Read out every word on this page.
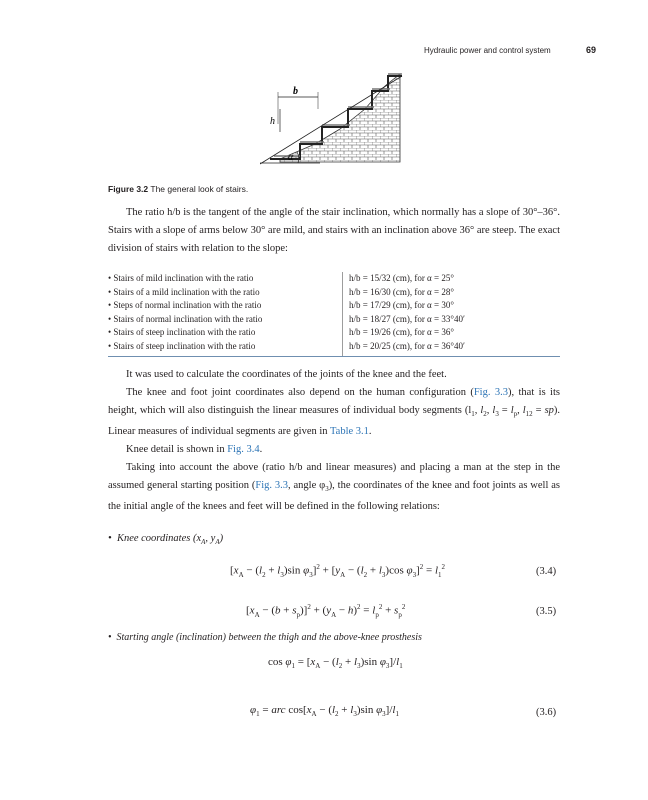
Hydraulic power and control system	69
b
h
α
Figure 3.2 The general look of stairs.

The ratio h/b is the tangent of the angle of the stair inclination, which normally has a slope of 30°–36°. Stairs with a slope of arms below 30° are mild, and stairs with an inclination above 36° are steep. The exact division of stairs with relation to the slope:

• Stairs of mild inclination with the ratio	h/b = 15/32 (cm), for α = 25°
• Stairs of a mild inclination with the ratio	h/b = 16/30 (cm), for α = 28°
• Steps of normal inclination with the ratio	h/b = 17/29 (cm), for α = 30°
• Stairs of normal inclination with the ratio	h/b = 18/27 (cm), for α = 33°40′
• Stairs of steep inclination with the ratio	h/b = 19/26 (cm), for α = 36°
• Stairs of steep inclination with the ratio	h/b = 20/25 (cm), for α = 36°40′

It was used to calculate the coordinates of the joints of the knee and the feet.

The knee and foot joint coordinates also depend on the human configuration (Fig. 3.3), that is its height, which will also distinguish the linear measures of individual body segments ($l_1$, $l_2$, $l_3 = l_p$, $l_{12} = sp$). Linear measures of individual segments are given in Table 3.1.

Knee detail is shown in Fig. 3.4.

Taking into account the above (ratio h/b and linear measures) and placing a man at the step in the assumed general starting position (Fig. 3.3, angle $\varphi_3$), the coordinates of the knee and foot joints as well as the initial angle of the knees and feet will be defined in the following relations:

•  Knee coordinates ($x_A$, $y_A$)
[$x_A - (l_2 + l_3)\sin$ $\varphi_3]^2 + [y_A - (l_2 + l_3)\cos$ $\varphi_3]^2 = l_1^2$	(3.4)
$[x_A - (b + s_p)]^2 + (y_A - h)^2 = l_p^2 + s_p^2$	(3.5)
•  Starting angle (inclination) between the thigh and the above-knee prosthesis
$\cos \varphi_1 = [x_A - (l_2 + l_3)\sin$ $\varphi_3]/l_1$
$\varphi_1$ = arc $\cos[x_A - (l_2 + l_3)\sin$ $\varphi_3]/l_1$	(3.6)
